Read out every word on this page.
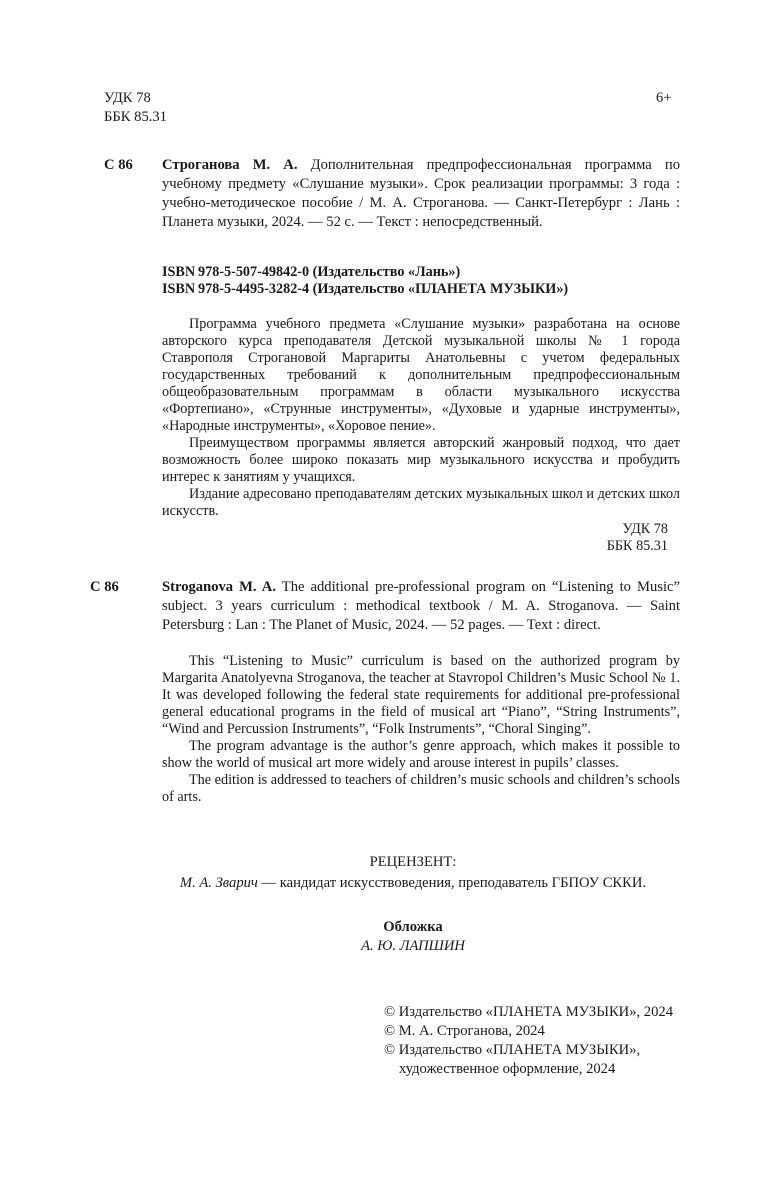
УДК 78
ББК 85.31
6+
С 86 Строганова М. А. Дополнительная предпрофессиональная программа по учебному предмету «Слушание музыки». Срок реализации программы: 3 года : учебно-методическое пособие / М. А. Строганова. — Санкт-Петербург : Лань : Планета музыки, 2024. — 52 с. — Текст : непосредственный.
ISBN 978-5-507-49842-0 (Издательство «Лань»)
ISBN 978-5-4495-3282-4 (Издательство «ПЛАНЕТА МУЗЫКИ»)

Программа учебного предмета «Слушание музыки» разработана на основе авторского курса преподавателя Детской музыкальной школы № 1 города Ставрополя Строгановой Маргариты Анатольевны с учетом федеральных государственных требований к дополнительным предпрофессиональным общеобразовательным программам в области музыкального искусства «Фортепиано», «Струнные инструменты», «Духовые и ударные инструменты», «Народные инструменты», «Хоровое пение».

Преимуществом программы является авторский жанровый подход, что дает возможность более широко показать мир музыкального искусства и пробудить интерес к занятиям у учащихся.

Издание адресовано преподавателям детских музыкальных школ и детских школ искусств.

УДК 78
ББК 85.31
С 86	Stroganova M. A. The additional pre-professional program on “Listening to Music” subject. 3 years curriculum : methodical textbook / M. A. Stroganova. — Saint Petersburg : Lan : The Planet of Music, 2024. — 52 pages. — Text : direct.

This “Listening to Music” curriculum is based on the authorized program by Margarita Anatolyevna Stroganova, the teacher at Stavropol Children’s Music School № 1. It was developed following the federal state requirements for additional pre-professional general educational programs in the field of musical art “Piano”, “String Instruments”, “Wind and Percussion Instruments”, “Folk Instruments”, “Choral Singing”.

The program advantage is the author’s genre approach, which makes it possible to show the world of musical art more widely and arouse interest in pupils’ classes.

The edition is addressed to teachers of children’s music schools and children’s schools of arts.

РЕЦЕНЗЕНТ:
М. А. Зварич — кандидат искусствоведения, преподаватель ГБПОУ СККИ.
Обложка
А. Ю. ЛАПШИН
© Издательство «ПЛАНЕТА МУЗЫКИ», 2024
© М. А. Строганова, 2024
© Издательство «ПЛАНЕТА МУЗЫКИ»,
художественное оформление, 2024
